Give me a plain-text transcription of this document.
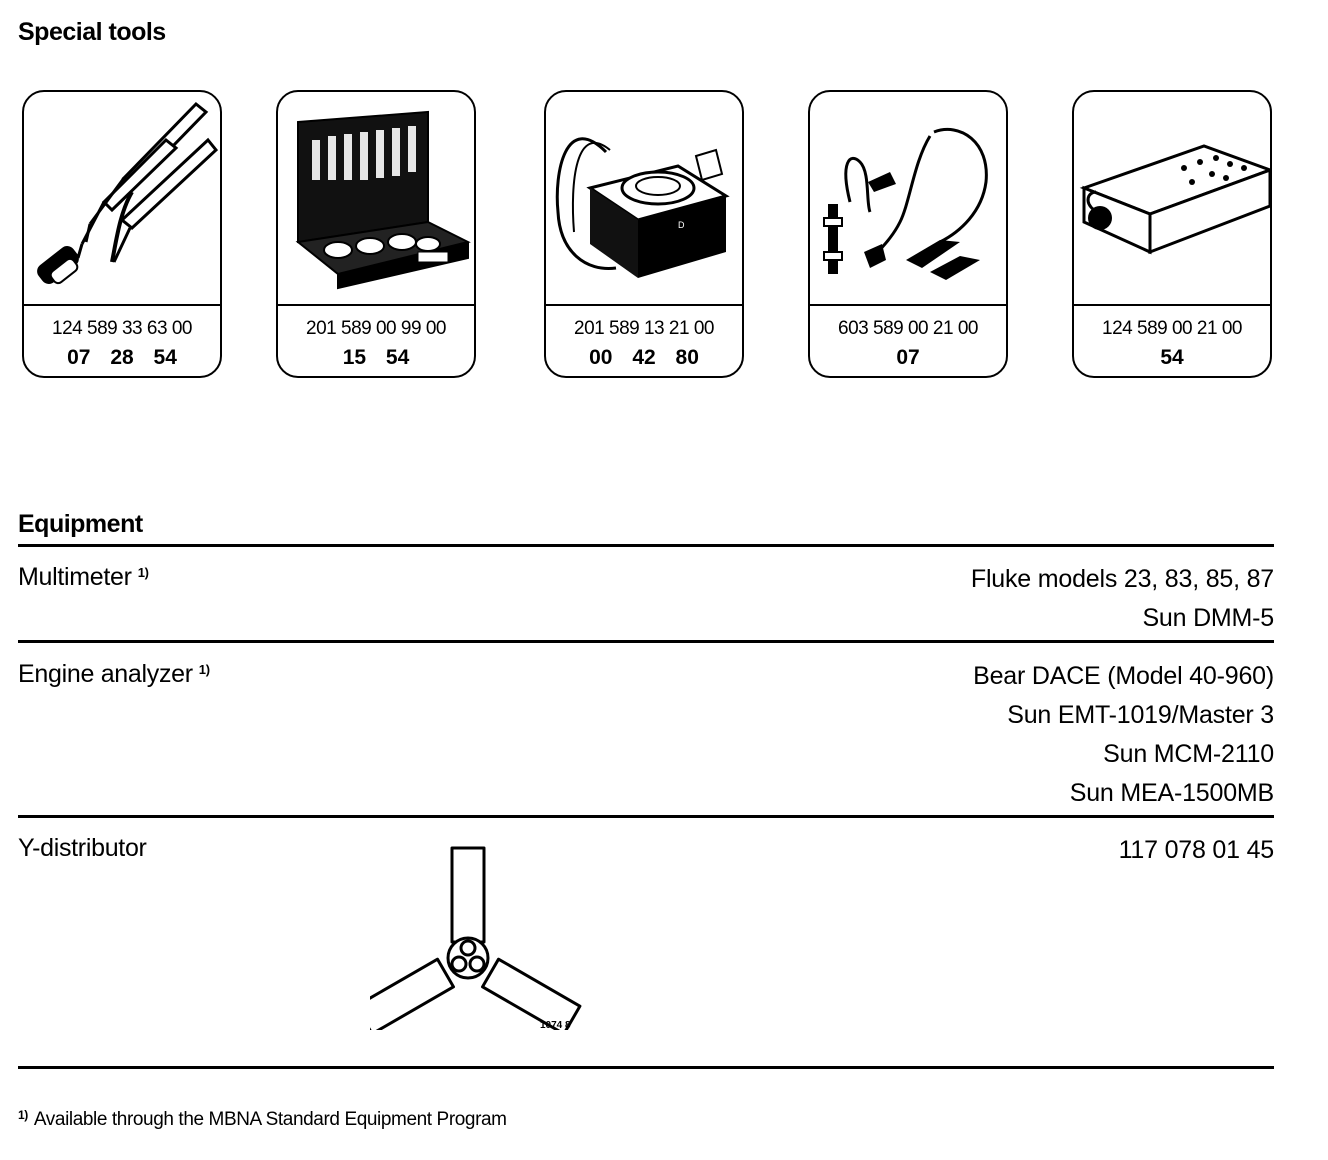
Special tools
124 589 33 63 00
07 28 54
201 589 00 99 00
15 54
D
201 589 13 21 00
00 42 80
603 589 00 21 00
07
124 589 00 21 00
54
Equipment
Multimeter $^{1)}$	Fluke models 23, 83, 85, 87
Sun DMM-5
Engine analyzer $^{1)}$	Bear DACE (Model 40-960)
Sun EMT-1019/Master 3
Sun MCM-2110
Sun MEA-1500MB
Y-distributor	117 078 01 45
1074 8
$^{1)}$ Available through the MBNA Standard Equipment Program
